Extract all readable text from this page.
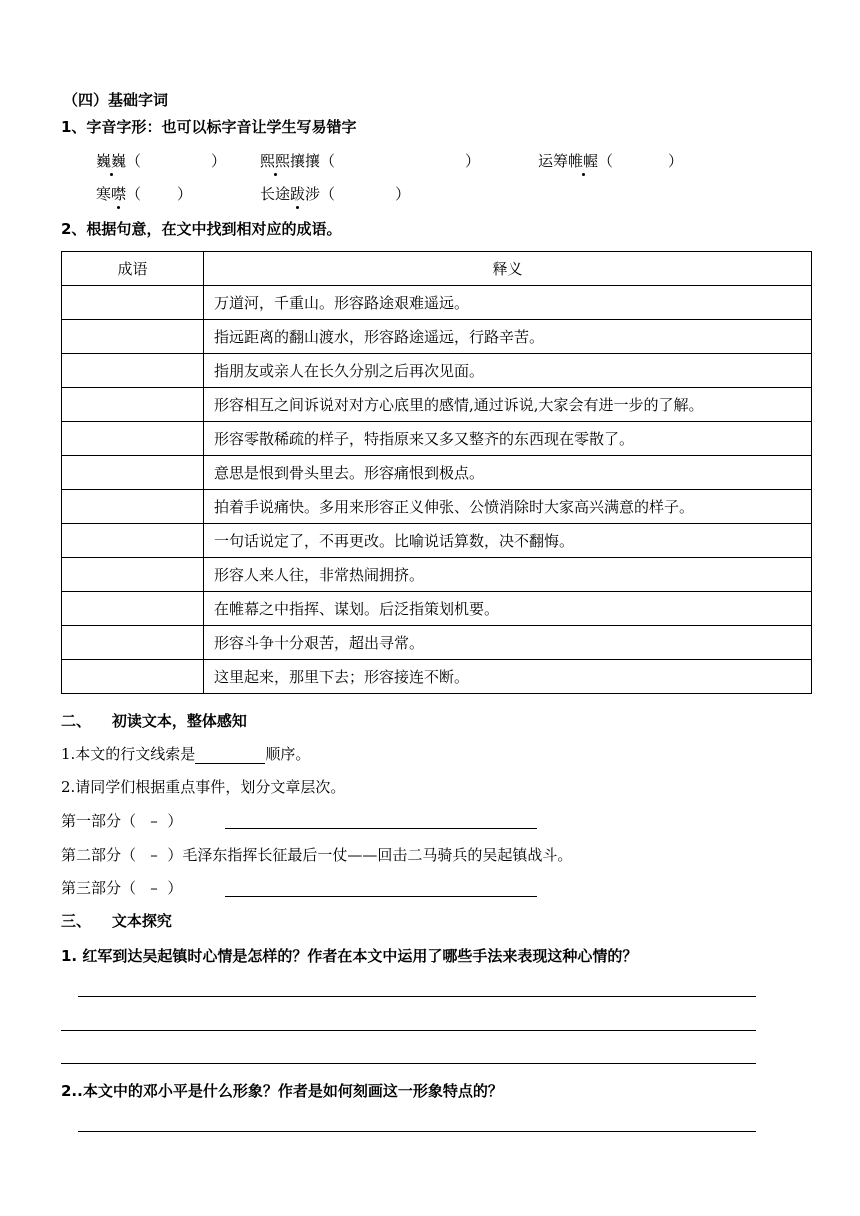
（四）基础字词
1、字音字形：也可以标字音让学生写易错字
巍巍（	） 熙熙攘攘（	）	运筹帷幄（	）
寒噤（ ）	长途跋涉（	）
2、根据句意，在文中找到相对应的成语。
成语	释义
	万道河，千重山。形容路途艰难遥远。
	指远距离的翻山渡水，形容路途遥远，行路辛苦。
	指朋友或亲人在长久分别之后再次见面。
	形容相互之间诉说对对方心底里的感情,通过诉说,大家会有进一步的了解。
	形容零散稀疏的样子，特指原来又多又整齐的东西现在零散了。
	意思是恨到骨头里去。形容痛恨到极点。
	拍着手说痛快。多用来形容正义伸张、公愤消除时大家高兴满意的样子。
	一句话说定了，不再更改。比喻说话算数，决不翻悔。
	形容人来人往，非常热闹拥挤。
	在帷幕之中指挥、谋划。后泛指策划机要。
	形容斗争十分艰苦，超出寻常。
	这里起来，那里下去；形容接连不断。
二、    初读文本，整体感知
1.本文的行文线索是	顺序。
2.请同学们根据重点事件，划分文章层次。
第一部分（   –  ）
第二部分（   –  ）毛泽东指挥长征最后一仗——回击二马骑兵的吴起镇战斗。
第三部分（   –  ）
三、    文本探究
1. 红军到达吴起镇时心情是怎样的？作者在本文中运用了哪些手法来表现这种心情的？
2..本文中的邓小平是什么形象？作者是如何刻画这一形象特点的？
